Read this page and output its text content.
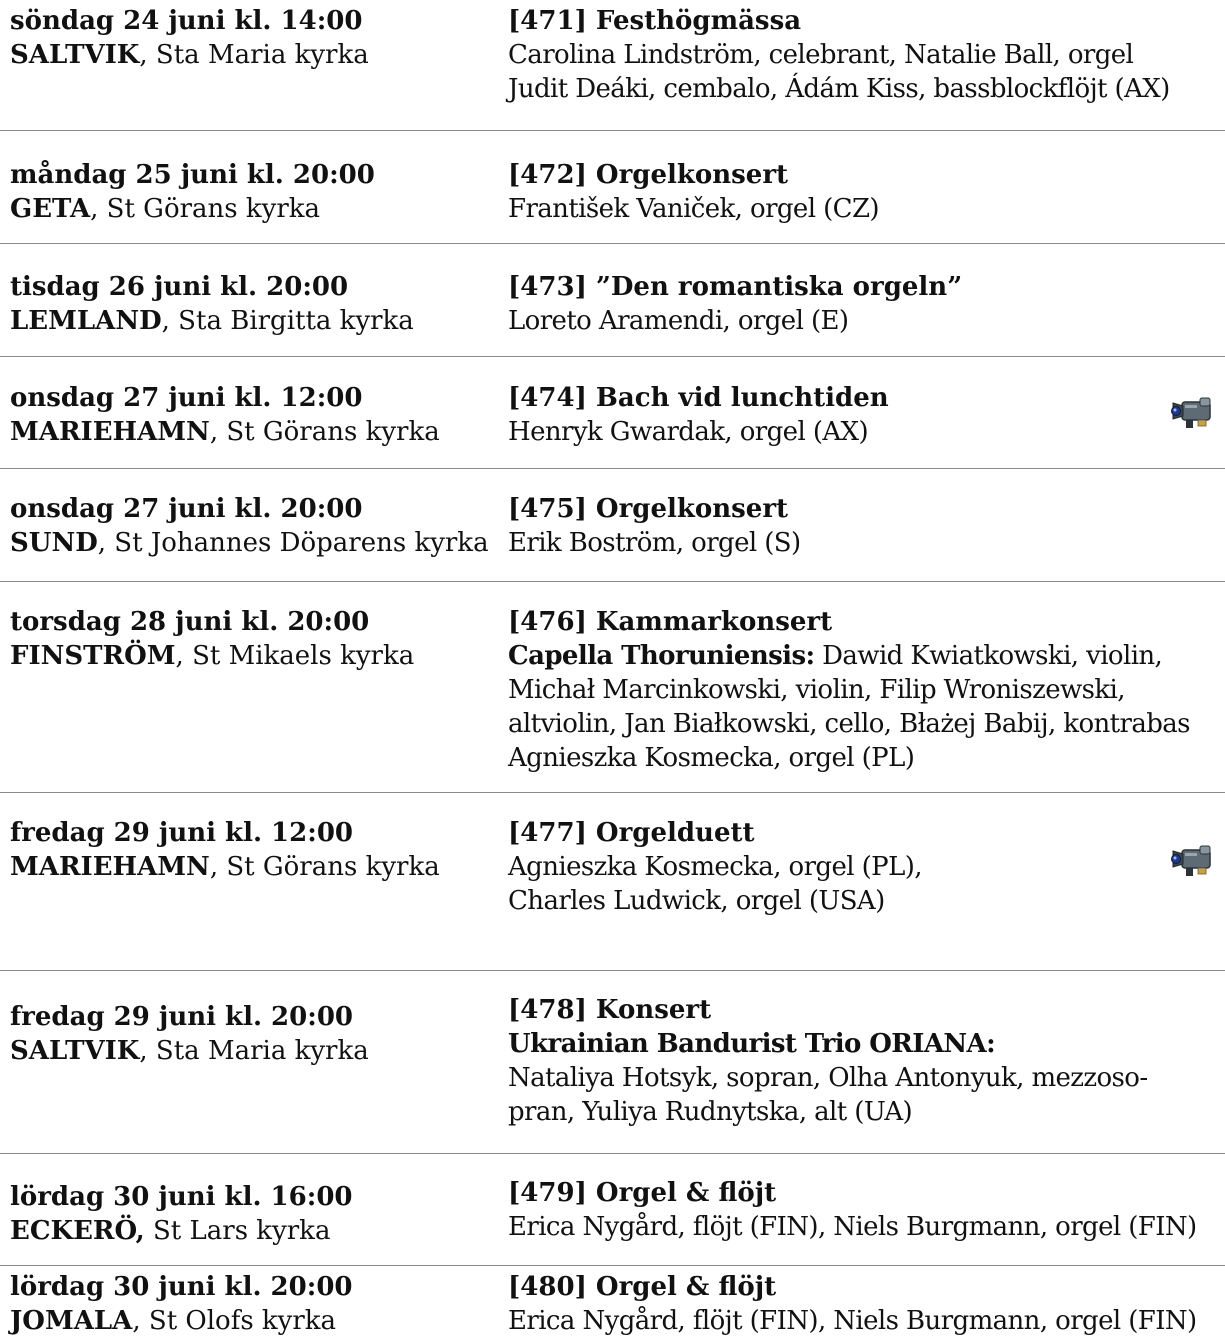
söndag 24 juni kl. 14:00
SALTVIK, Sta Maria kyrka
[471] Festhögmässa
Carolina Lindström, celebrant, Natalie Ball, orgel
Judit Deáki, cembalo, Ádám Kiss, bassblockflöjt (AX)
måndag 25 juni kl. 20:00
GETA, St Görans kyrka
[472] Orgelkonsert
František Vaniček, orgel (CZ)
tisdag 26 juni kl. 20:00
LEMLAND, Sta Birgitta kyrka
[473] ”Den romantiska orgeln”
Loreto Aramendi, orgel (E)
onsdag 27 juni kl. 12:00
MARIEHAMN, St Görans kyrka
[474] Bach vid lunchtiden
Henryk Gwardak, orgel (AX)
onsdag 27 juni kl. 20:00
SUND, St Johannes Döparens kyrka
[475] Orgelkonsert
Erik Boström, orgel (S)
torsdag 28 juni kl. 20:00
FINSTRÖM, St Mikaels kyrka
[476] Kammarkonsert
Capella Thoruniensis: Dawid Kwiatkowski, violin,
Michał Marcinkowski, violin, Filip Wroniszewski,
altviolin, Jan Białkowski, cello, Błażej Babij, kontrabas
Agnieszka Kosmecka, orgel (PL)
fredag 29 juni kl. 12:00
MARIEHAMN, St Görans kyrka
[477] Orgelduett
Agnieszka Kosmecka, orgel (PL),
Charles Ludwick, orgel (USA)
fredag 29 juni kl. 20:00
SALTVIK, Sta Maria kyrka
[478] Konsert
Ukrainian Bandurist Trio ORIANA:
Nataliya Hotsyk, sopran, Olha Antonyuk, mezzoso-
pran, Yuliya Rudnytska, alt (UA)
lördag 30 juni kl. 16:00
ECKERÖ, St Lars kyrka
[479] Orgel & flöjt
Erica Nygård, flöjt (FIN), Niels Burgmann, orgel (FIN)
lördag 30 juni kl. 20:00
JOMALA, St Olofs kyrka
[480] Orgel & flöjt
Erica Nygård, flöjt (FIN), Niels Burgmann, orgel (FIN)
